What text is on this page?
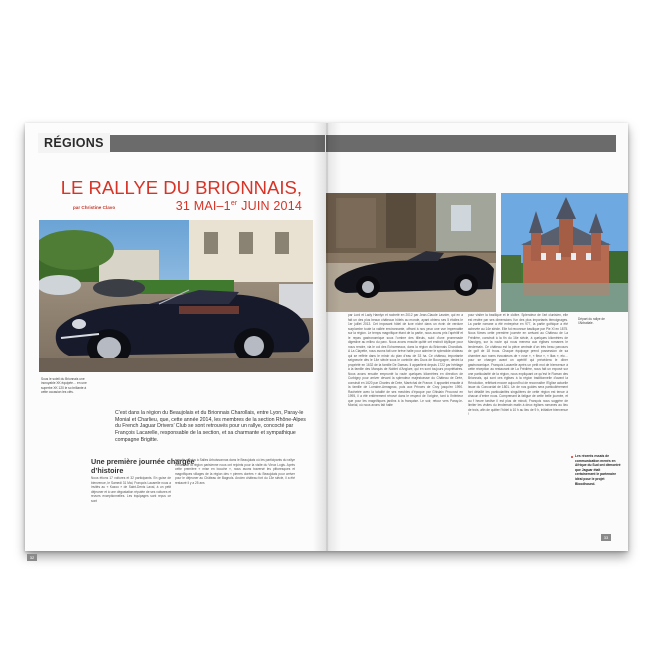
RÉGIONS
LE RALLYE DU BRIONNAIS,
31 MAI–1er JUIN 2014
par Christine Clavo
Sous le soleil du Brionnais une incroyable XK équipée… en une superbe XK 120 le so brillante à cette occasion les clés.
C’est dans la région du Beaujolais et du Brionnais Charollais, entre Lyon, Paray-le Monial et Charlieu, que, cette année 2014, les membres de la section Rhône-Alpes du French Jaguar Drivers’ Club se sont retrouvés pour un rallye, concocté par François Lacarelle, responsable de la section, et sa charmante et sympathique compagne Brigitte.
Une première journée chargée d’histoire
Nous étions 17 voitures et 32 participants. En guise de bienvenue, le Samedi 31 Mai, François Lacarelle nous a invités au « Kazoo » de Saint-Denis Laval, à un petit déjeuner et à une dégustation réputée de ses voitures et revues exceptionnelles. Les équipages sont reçus ce sont
ensuite rendus à Salles Arbuissonnas dans le Beaujolais où les participants du rallye venant de la région parisienne nous ont rejoints pour la visite du Vieux Logis. Après cette première « mise en bouche », nous avons traversé les pittoresques et magnifiques villages de la région des « pierres dorées » du Beaujolais pour arriver pour le déjeuner au Château de Bagnols. Ancien château fort du 13e siècle, il a été restauré il y a 25 ans
32
Départ du rallye de l’Abbatiale.
par Lord et Lady Hamlyn et racheté en 2012 par Jean-Claude Lasnier, qui en a fait un des plus beaux châteaux hôtels au monde, ayant obtenu ses 5 étoiles le 1er juillet 2013. Cet imposant hôtel de luxe niché dans un écrin de verdure surplombe toute la vallée environnante, offrant à nos yeux une vue imprenable sur la région. Le temps magnifique étant de la partie, nous avons pris l’apéritif et le repas gastronomique sous l’ombre des tilleuls, suivi d’une promenade digestive au milieu du parc. Nous avons ensuite quitté cet endroit idyllique pour nous rendre, via le col des Echarmeaux, dans la région du Brionnais Charollais. A La Clayette, nous avons fait une brève halte pour admirer le splendide château qui se reflète dans le miroir du plan d’eau de 33 ha. Ce château, importante seigneurie dès le 14e siècle sous le contrôle des Ducs de Bourgogne, devint la propriété en 1632 de la famille De Damas. Il appartient depuis 1722 par héritage à la famille des Marquis de Noblet d’Anglure, qui en sont toujours propriétaires. Nous avons ensuite emprunté la route quelques kilomètres en direction de Curbigny pour arriver devant la splendeur majestueuse du Château de Drée, construit en 1620 par Charles de Drée, Maréchal de France. Il appartint ensuite à la famille de Lorraine-Armagnac, puis aux Princes de Croy jusqu’en 1990. Rachetée avec la totalité de ses meubles d’époque par Ghislain Prouvost en 1995, il a été entièrement rénové dans le respect de l’origine, tant à l’intérieur que pour les magnifiques jardins à la française. Le soir, retour vers Paray-le-Monial, où nous avons fait halte
pour visiter la basilique et le cloître. Splendeur de l’art clunisien, elle est restée par ses dimensions l’un des plus importants témoignages. La partie romane a été entreprise en 977, la partie gothique a été achevée au 14e siècle. Elle fut reconnue basilique par Pie XI en 1875. Nous fûmes cette première journée en arrivant au Château de La Frédière, construit à la fin du 16e siècle, à quelques kilomètres de Marcigny, sur la route qui nous menera aux églises romanes le lendemain. Ce château est la pièce centrale d’un très beau parcours de golf de 18 trous. Chaque équipage prend possession de sa chambre aux noms évocateurs de « rose », « fleur », « lilas », etc… pour se changer avant un apéritif qui précèdera le dîner gastronomique. François Lacarelle après un petit mot de bienvenue à cette réception au restaurant de La Frédière, nous fait un exposé sur une particularité de la région, nous expliquant ce qu’est le Roman des Brionnais, qui sont ces églises à la région traditionnelle d’avant la Révolution, reflétant encore aujourd’hui de reconnaître l’Eglise actuelle issue du Concordat de 1801. Un de nos guides sera particulièrement fort détaillé les particularités singulières de cette région est tenue à chacun d’entre nous. Comprenant la fatigue de cette belle journée, et au f heure tardive il est plus de minuit, François nous suggère de limiter les visites du lendemain matin à deux églises romanes au lieu de trois, afin de quitter l’hôtel à 10 h au lieu de 9 h, initiative bienvenue !
Les récents essais de communication menés en Afrique du Sud ont démontré que Jaguar était certainement le partenaire idéal pour le projet Bloodhound.
33
